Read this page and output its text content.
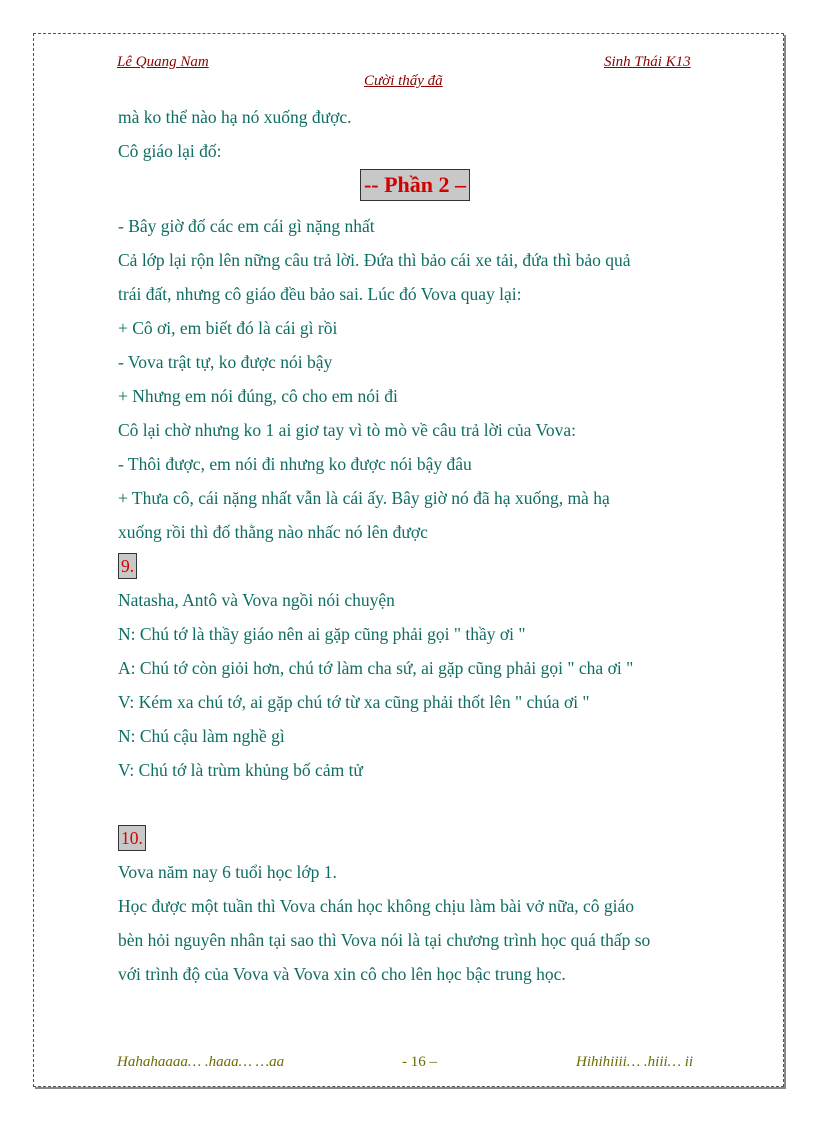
Lê Quang Nam	Sinh Thái K13
Cười thấy đã
mà ko thể nào hạ nó xuống được.
Cô giáo lại đố:
-- Phần 2 –
- Bây giờ đố các em cái gì nặng nhất
Cả lớp lại rộn lên nững câu trả lời. Đứa thì bảo cái xe tải, đứa thì bảo quả
trái đất, nhưng cô giáo đều bảo sai. Lúc đó Vova quay lại:
+ Cô ơi, em biết đó là cái gì rồi
- Vova trật tự, ko được nói bậy
+ Nhưng em nói đúng, cô cho em nói đi
Cô lại chờ nhưng ko 1 ai giơ tay vì tò mò về câu trả lời của Vova:
- Thôi được, em nói đi nhưng ko được nói bậy đâu
+ Thưa cô, cái nặng nhất vẫn là cái ấy. Bây giờ nó đã hạ xuống, mà hạ
xuống rồi thì đố thằng nào nhấc nó lên được
9.
Natasha, Antô và Vova ngồi nói chuyện
N: Chú tớ là thầy giáo nên ai gặp cũng phải gọi " thầy ơi "
A: Chú tớ còn giỏi hơn, chú tớ làm cha sứ, ai gặp cũng phải gọi " cha ơi "
V: Kém xa chú tớ, ai gặp chú tớ từ xa cũng phải thốt lên " chúa ơi "
N: Chú cậu làm nghề gì
V: Chú tớ là trùm khủng bố cảm tử
10.
Vova năm nay 6 tuổi học lớp 1.
Học được một tuần thì Vova chán học không chịu làm bài vở nữa, cô giáo
bèn hỏi nguyên nhân tại sao thì Vova nói là tại chương trình học quá thấp so
với trình độ của Vova và Vova xin cô cho lên học bậc trung học.
Hahahaaaa… .haaa… …aa	- 16 –	Hihihiiii… .hiii… ii
